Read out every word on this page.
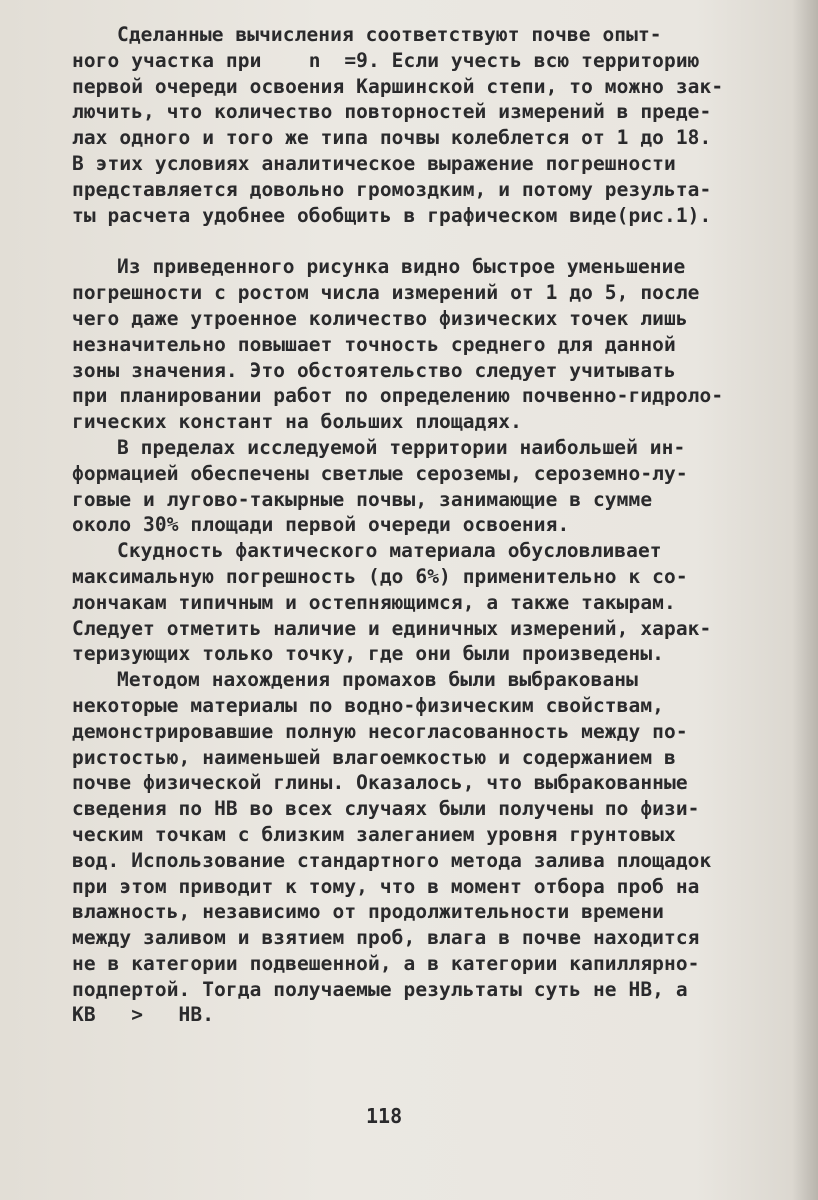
Сделанные вычисления соответствуют почве опыт-
ного участка при    n  =9. Если учесть всю территорию
первой очереди освоения Каршинской степи, то можно зак-
лючить, что количество повторностей измерений в преде-
лах одного и того же типа почвы колеблется от 1 до 18.
В этих условиях аналитическое выражение погрешности
представляется довольно громоздким, и потому результа-
ты расчета удобнее обобщить в графическом виде(рис.1).
Из приведенного рисунка видно быстрое уменьшение
погрешности с ростом числа измерений от 1 до 5, после
чего даже утроенное количество физических точек лишь
незначительно повышает точность среднего для данной
зоны значения. Это обстоятельство следует учитывать
при планировании работ по определению почвенно-гидроло-
гических констант на больших площадях.
В пределах исследуемой территории наибольшей ин-
формацией обеспечены светлые сероземы, сероземно-лу-
говые и лугово-такырные почвы, занимающие в сумме
около 30% площади первой очереди освоения.
Скудность фактического материала обусловливает
максимальную погрешность (до 6%) применительно к со-
лончакам типичным и остепняющимся, а также такырам.
Следует отметить наличие и единичных измерений, харак-
теризующих только точку, где они были произведены.
Методом нахождения промахов были выбракованы
некоторые материалы по водно-физическим свойствам,
демонстрировавшие полную несогласованность между по-
ристостью, наименьшей влагоемкостью и содержанием в
почве физической глины. Оказалось, что выбракованные
сведения по НВ во всех случаях были получены по физи-
ческим точкам с близким залеганием уровня грунтовых
вод. Использование стандартного метода залива площадок
при этом приводит к тому, что в момент отбора проб на
влажность, независимо от продолжительности времени
между заливом и взятием проб, влага в почве находится
не в категории подвешенной, а в категории капиллярно-
подпертой. Тогда получаемые результаты суть не НВ, а
КВ   >   НВ.
118
